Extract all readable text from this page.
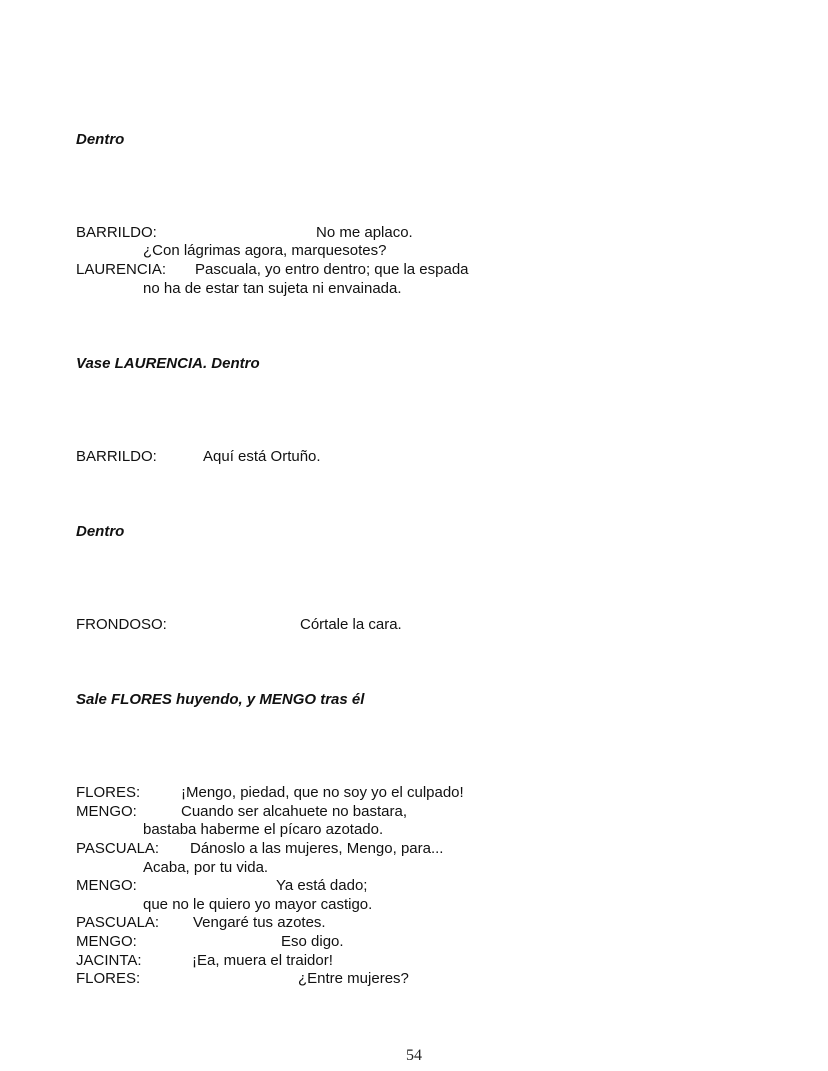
Dentro
BARRILDO:	No me aplaco.
¿Con lágrimas agora, marquesotes?
LAURENCIA: Pascuala, yo entro dentro; que la espada
no ha de estar tan sujeta ni envainada.
Vase LAURENCIA. Dentro
BARRILDO:	Aquí está Ortuño.
Dentro
FRONDOSO:	Córtale la cara.
Sale FLORES huyendo, y MENGO tras él
FLORES:	¡Mengo, piedad, que no soy yo el culpado!
MENGO:	Cuando ser alcahuete no bastara,
bastaba haberme el pícaro azotado.
PASCUALA: Dánoslo a las mujeres, Mengo, para...
Acaba, por tu vida.
MENGO:	Ya está dado;
que no le quiero yo mayor castigo.
PASCUALA: Vengaré tus azotes.
MENGO:	Eso digo.
JACINTA:	¡Ea, muera el traidor!
FLORES:	¿Entre mujeres?
54
